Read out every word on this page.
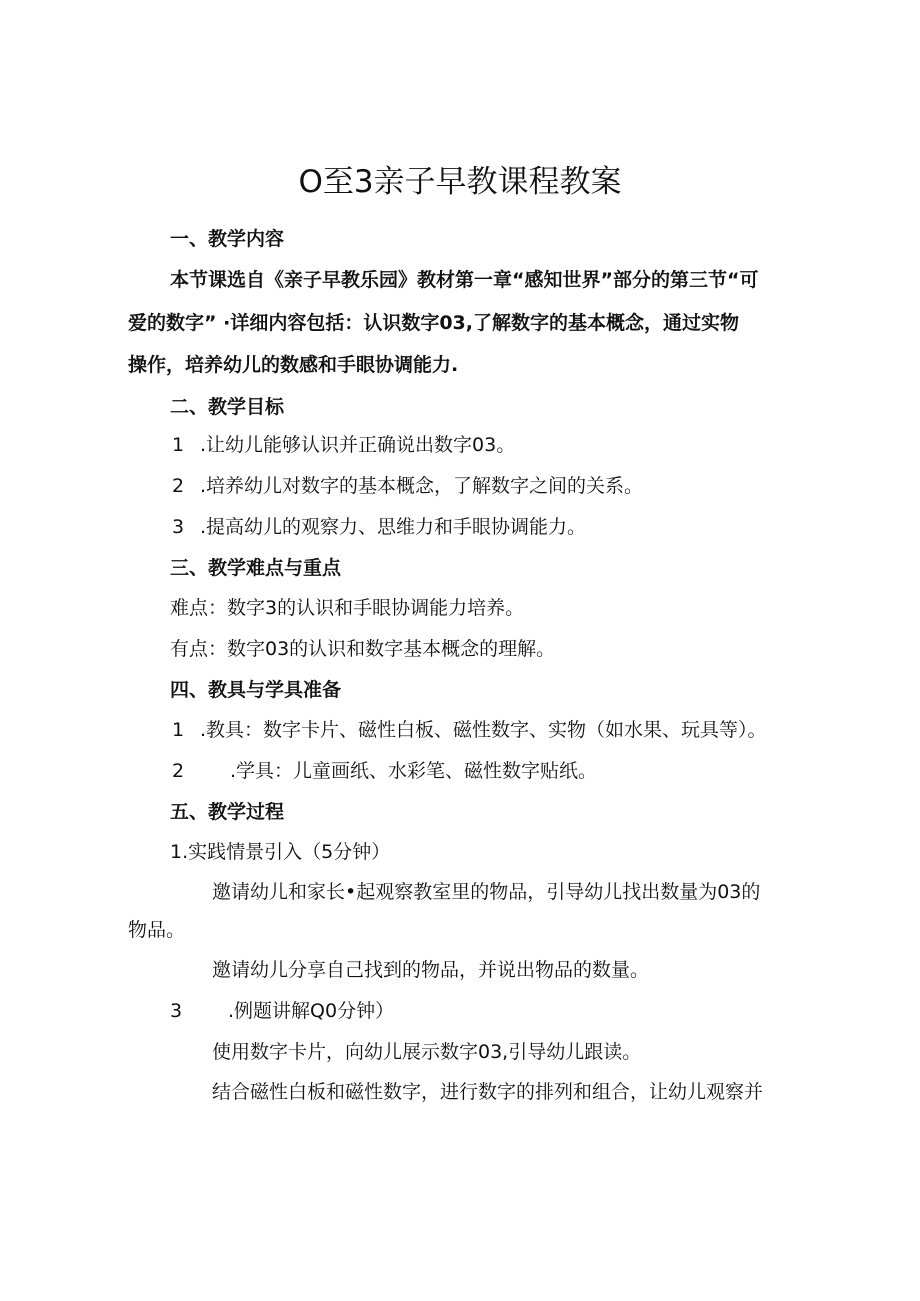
O至3亲子早教课程教案
一、教学内容
本节课选自《亲子早教乐园》教材第一章“感知世界”部分的第三节“可
爱的数字” ·详细内容包括：认识数字03,了解数字的基本概念，通过实物
操作，培养幼儿的数感和手眼协调能力.
二、教学目标
1 .让幼儿能够认识并正确说出数字03。
2 .培养幼儿对数字的基本概念，了解数字之间的关系。
3 .提高幼儿的观察力、思维力和手眼协调能力。
三、教学难点与重点
难点：数字3的认识和手眼协调能力培养。
有点：数字03的认识和数字基本概念的理解。
四、教具与学具准备
1 .教具：数字卡片、磁性白板、磁性数字、实物（如水果、玩具等）。
2 .学具：儿童画纸、水彩笔、磁性数字贴纸。
五、教学过程
1.实践情景引入（5分钟）
邀请幼儿和家长•起观察教室里的物品，引导幼儿找出数量为03的
物品。
邀请幼儿分享自己找到的物品，并说出物品的数量。
3 .例题讲解Q0分钟）
使用数字卡片，向幼儿展示数字03,引导幼儿跟读。
结合磁性白板和磁性数字，进行数字的排列和组合，让幼儿观察并
